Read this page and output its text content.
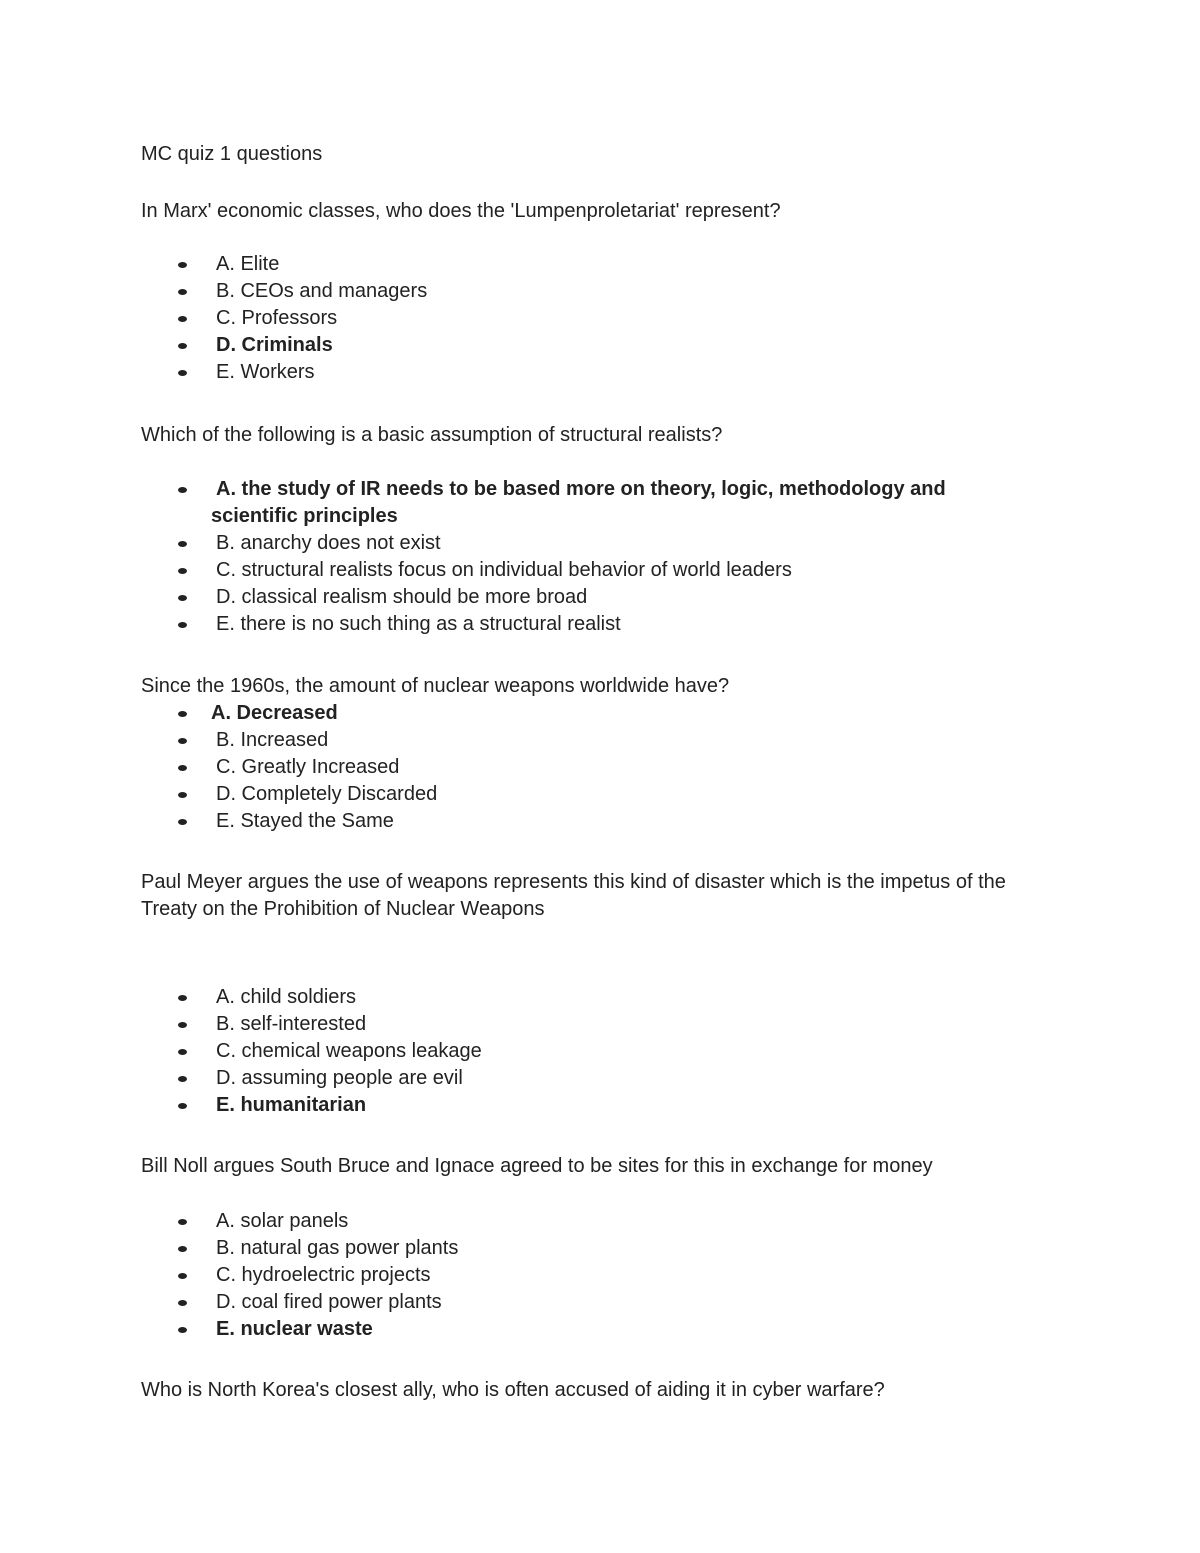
MC quiz 1 questions

In Marx' economic classes, who does the 'Lumpenproletariat' represent?

A. Elite
B. CEOs and managers
C. Professors
D. Criminals
E. Workers

Which of the following is a basic assumption of structural realists?

A. the study of IR needs to be based more on theory, logic, methodology and
scientific principles
B. anarchy does not exist
C. structural realists focus on individual behavior of world leaders
D. classical realism should be more broad
E. there is no such thing as a structural realist

Since the 1960s, the amount of nuclear weapons worldwide have?

A. Decreased
B. Increased
C. Greatly Increased
D. Completely Discarded
E. Stayed the Same

Paul Meyer argues the use of weapons represents this kind of disaster which is the impetus of the

Treaty on the Prohibition of Nuclear Weapons

A. child soldiers
B. self-interested
C. chemical weapons leakage
D. assuming people are evil
E. humanitarian

Bill Noll argues South Bruce and Ignace agreed to be sites for this in exchange for money

A. solar panels
B. natural gas power plants
C. hydroelectric projects
D. coal fired power plants
E. nuclear waste

Who is North Korea's closest ally, who is often accused of aiding it in cyber warfare?
